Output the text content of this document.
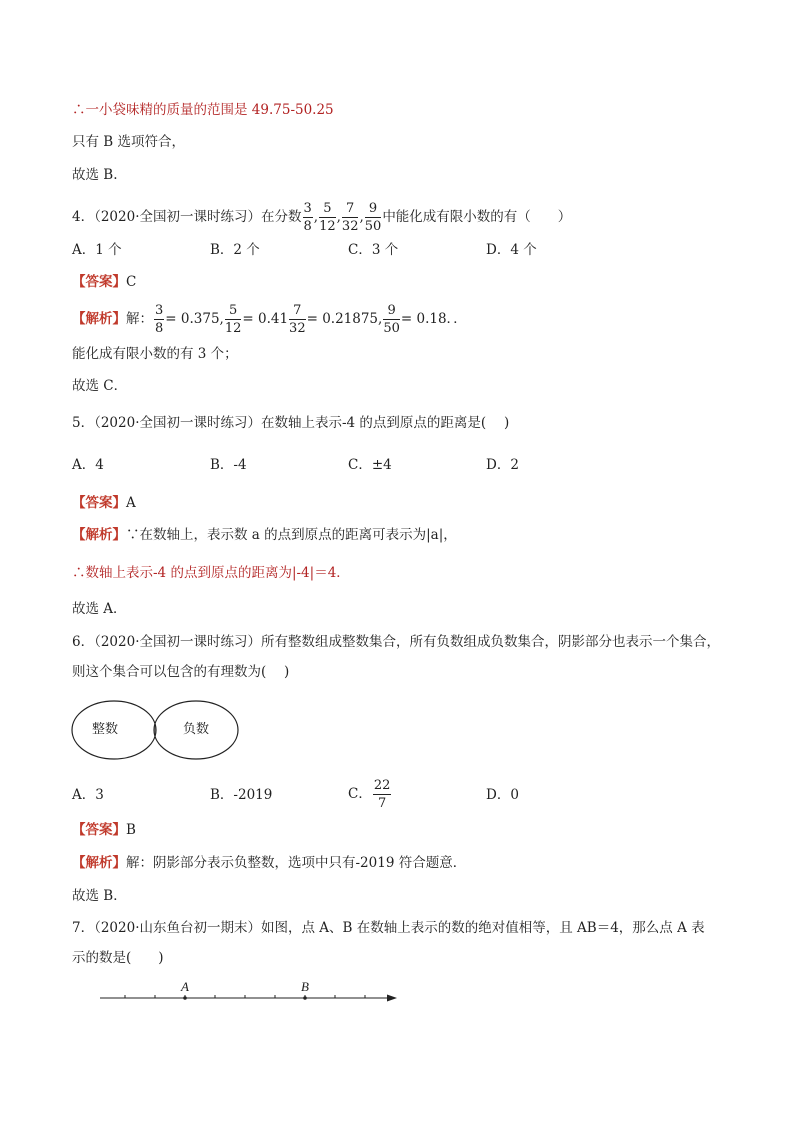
∴一小袋味精的质量的范围是 49.75-50.25
只有 B 选项符合，
故选 B.
4．（2020·全国初一课时练习）在分数 $\frac{3}{8}$ , $\frac{5}{12}$ , $\frac{7}{32}$ , $\frac{9}{50}$ 中能化成有限小数的有（　　）
A．1 个	B．2 个	C．3 个	D．4 个
【答案】C
【解析】解： $\frac{3}{8} = 0.375$, $\frac{5}{12} = 0.41 \frac{7}{32} = 0.21875$, $\frac{9}{50} = 0.18$．．
能化成有限小数的有 3 个；
故选 C．
5．（2020·全国初一课时练习）在数轴上表示-4 的点到原点的距离是(　 )
A．4	B．-4	C．±4	D．2
【答案】A
【解析】∵在数轴上，表示数 a 的点到原点的距离可表示为|a|，
∴数轴上表示-4 的点到原点的距离为|-4|＝4．
故选 A．
6．（2020·全国初一课时练习）所有整数组成整数集合，所有负数组成负数集合，阴影部分也表示一个集合，
则这个集合可以包含的有理数为(　 )
整数	负数
A．3	B．-2019	C． $\frac{22}{7}$	D．0
【答案】B
【解析】解：阴影部分表示负整数，选项中只有-2019 符合题意．
故选 B．
7．（2020·山东鱼台初一期末）如图，点 A、B 在数轴上表示的数的绝对值相等，且 AB＝4，那么点 A 表
示的数是(　　)
A	B
